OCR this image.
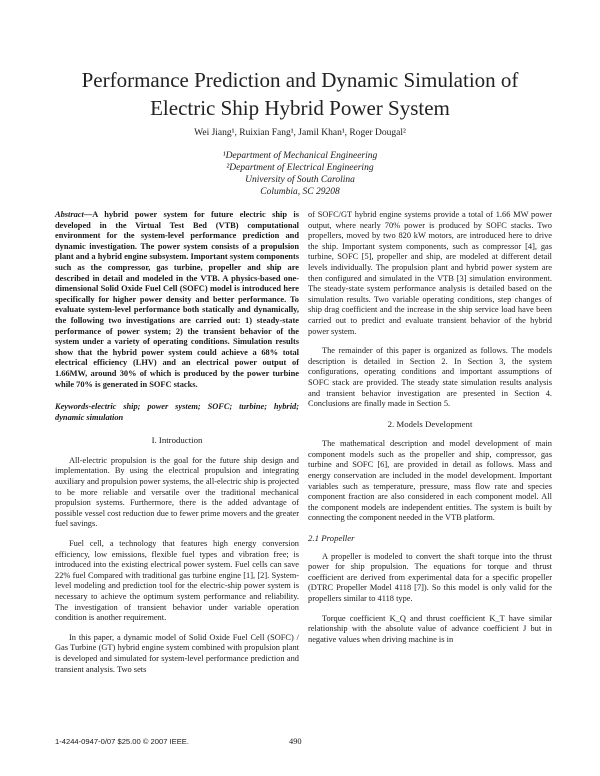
Performance Prediction and Dynamic Simulation of
Electric Ship Hybrid Power System
Wei Jiang¹, Ruixian Fang¹, Jamil Khan¹, Roger Dougal²
¹Department of Mechanical Engineering
²Department of Electrical Engineering
University of South Carolina
Columbia, SC 29208

Abstract—A hybrid power system for future electric ship is developed in the Virtual Test Bed (VTB) computational environment for the system-level performance prediction and dynamic investigation. The power system consists of a propulsion plant and a hybrid engine subsystem. Important system components such as the compressor, gas turbine, propeller and ship are described in detail and modeled in the VTB. A physics-based one-dimensional Solid Oxide Fuel Cell (SOFC) model is introduced here specifically for higher power density and better performance. To evaluate system-level performance both statically and dynamically, the following two investigations are carried out: 1) steady-state performance of power system; 2) the transient behavior of the system under a variety of operating conditions. Simulation results show that the hybrid power system could achieve a 68% total electrical efficiency (LHV) and an electrical power output of 1.66MW, around 30% of which is produced by the power turbine while 70% is generated in SOFC stacks.

Keywords-electric ship; power system; SOFC; turbine; hybrid; dynamic simulation

I. Introduction

All-electric propulsion is the goal for the future ship design and implementation. By using the electrical propulsion and integrating auxiliary and propulsion power systems, the all-electric ship is projected to be more reliable and versatile over the traditional mechanical propulsion systems. Furthermore, there is the added advantage of possible vessel cost reduction due to fewer prime movers and the greater fuel savings.

Fuel cell, a technology that features high energy conversion efficiency, low emissions, flexible fuel types and vibration free; is introduced into the existing electrical power system. Fuel cells can save 22% fuel Compared with traditional gas turbine engine [1], [2]. System-level modeling and prediction tool for the electric-ship power system is necessary to achieve the optimum system performance and reliability. The investigation of transient behavior under variable operation condition is another requirement.

In this paper, a dynamic model of Solid Oxide Fuel Cell (SOFC) / Gas Turbine (GT) hybrid engine system combined with propulsion plant is developed and simulated for system-level performance prediction and transient analysis. Two sets

of SOFC/GT hybrid engine systems provide a total of 1.66 MW power output, where nearly 70% power is produced by SOFC stacks. Two propellers, moved by two 820 kW motors, are introduced here to drive the ship. Important system components, such as compressor [4], gas turbine, SOFC [5], propeller and ship, are modeled at different detail levels individually. The propulsion plant and hybrid power system are then configured and simulated in the VTB [3] simulation environment. The steady-state system performance analysis is detailed based on the simulation results. Two variable operating conditions, step changes of ship drag coefficient and the increase in the ship service load have been carried out to predict and evaluate transient behavior of the hybrid power system.

The remainder of this paper is organized as follows. The models description is detailed in Section 2. In Section 3, the system configurations, operating conditions and important assumptions of SOFC stack are provided. The steady state simulation results analysis and transient behavior investigation are presented in Section 4. Conclusions are finally made in Section 5.

2. Models Development

The mathematical description and model development of main component models such as the propeller and ship, compressor, gas turbine and SOFC [6], are provided in detail as follows. Mass and energy conservation are included in the model development. Important variables such as temperature, pressure, mass flow rate and species component fraction are also considered in each component model. All the component models are independent entities. The system is built by connecting the component needed in the VTB platform.

2.1 Propeller

A propeller is modeled to convert the shaft torque into the thrust power for ship propulsion. The equations for torque and thrust coefficient are derived from experimental data for a specific propeller (DTRC Propeller Model 4118 [7]). So this model is only valid for the propellers similar to 4118 type.

Torque coefficient K_Q and thrust coefficient K_T have similar relationship with the absolute value of advance coefficient J but in negative values when driving machine is in

1-4244-0947-0/07 $25.00 © 2007 IEEE.	490
